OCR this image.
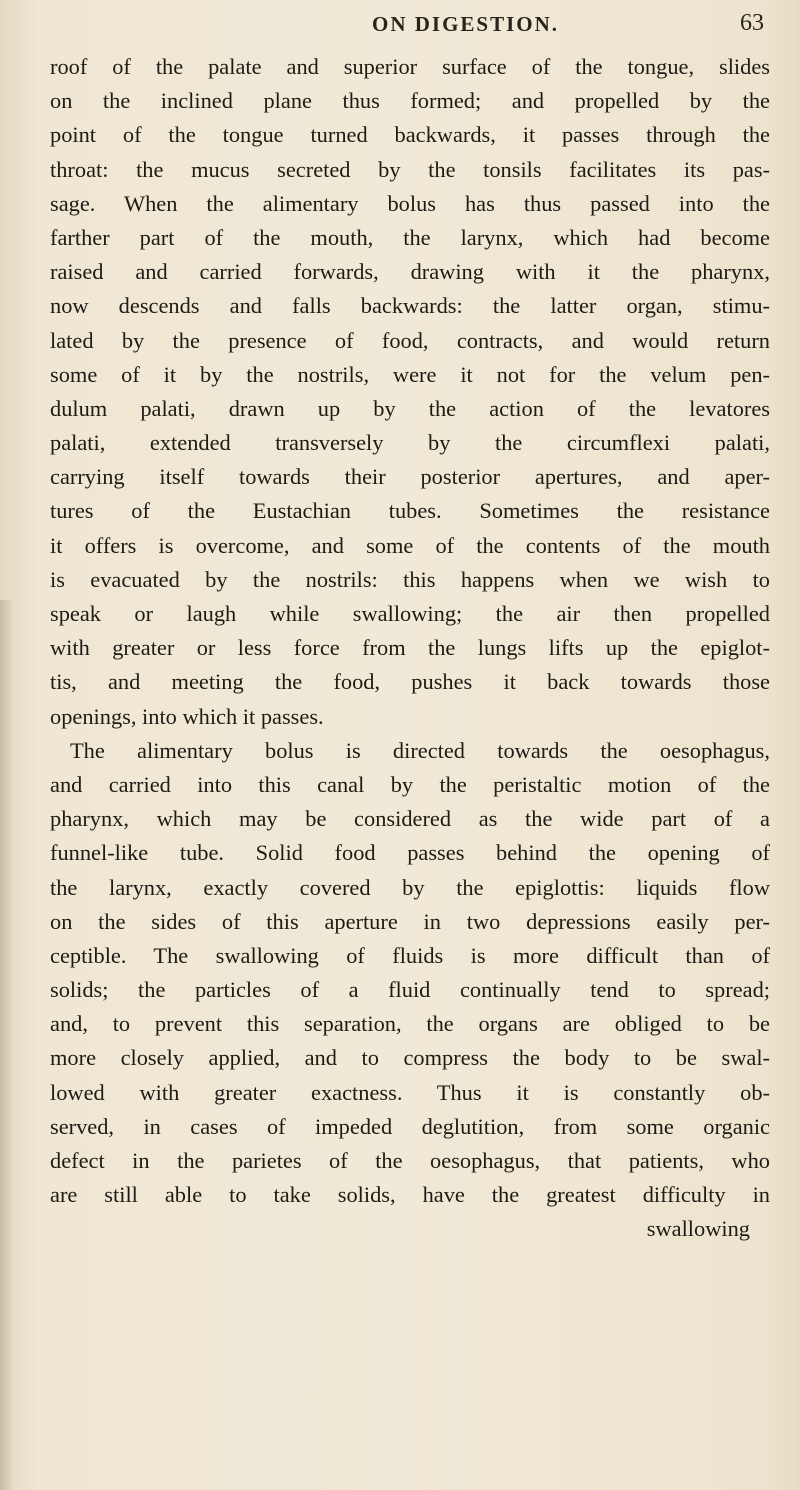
ON DIGESTION.	63
roof of the palate and superior surface of the tongue, slides
on the inclined plane thus formed; and propelled by the
point of the tongue turned backwards, it passes through the
throat: the mucus secreted by the tonsils facilitates its pas-
sage. When the alimentary bolus has thus passed into the
farther part of the mouth, the larynx, which had become
raised and carried forwards, drawing with it the pharynx,
now descends and falls backwards: the latter organ, stimu-
lated by the presence of food, contracts, and would return
some of it by the nostrils, were it not for the velum pen-
dulum palati, drawn up by the action of the levatores
palati, extended transversely by the circumflexi palati,
carrying itself towards their posterior apertures, and aper-
tures of the Eustachian tubes. Sometimes the resistance
it offers is overcome, and some of the contents of the mouth
is evacuated by the nostrils: this happens when we wish to
speak or laugh while swallowing; the air then propelled
with greater or less force from the lungs lifts up the epiglot-
tis, and meeting the food, pushes it back towards those
openings, into which it passes.
The alimentary bolus is directed towards the oesophagus,
and carried into this canal by the peristaltic motion of the
pharynx, which may be considered as the wide part of a
funnel-like tube. Solid food passes behind the opening of
the larynx, exactly covered by the epiglottis: liquids flow
on the sides of this aperture in two depressions easily per-
ceptible. The swallowing of fluids is more difficult than of
solids; the particles of a fluid continually tend to spread;
and, to prevent this separation, the organs are obliged to be
more closely applied, and to compress the body to be swal-
lowed with greater exactness. Thus it is constantly ob-
served, in cases of impeded deglutition, from some organic
defect in the parietes of the oesophagus, that patients, who
are still able to take solids, have the greatest difficulty in
swallowing
